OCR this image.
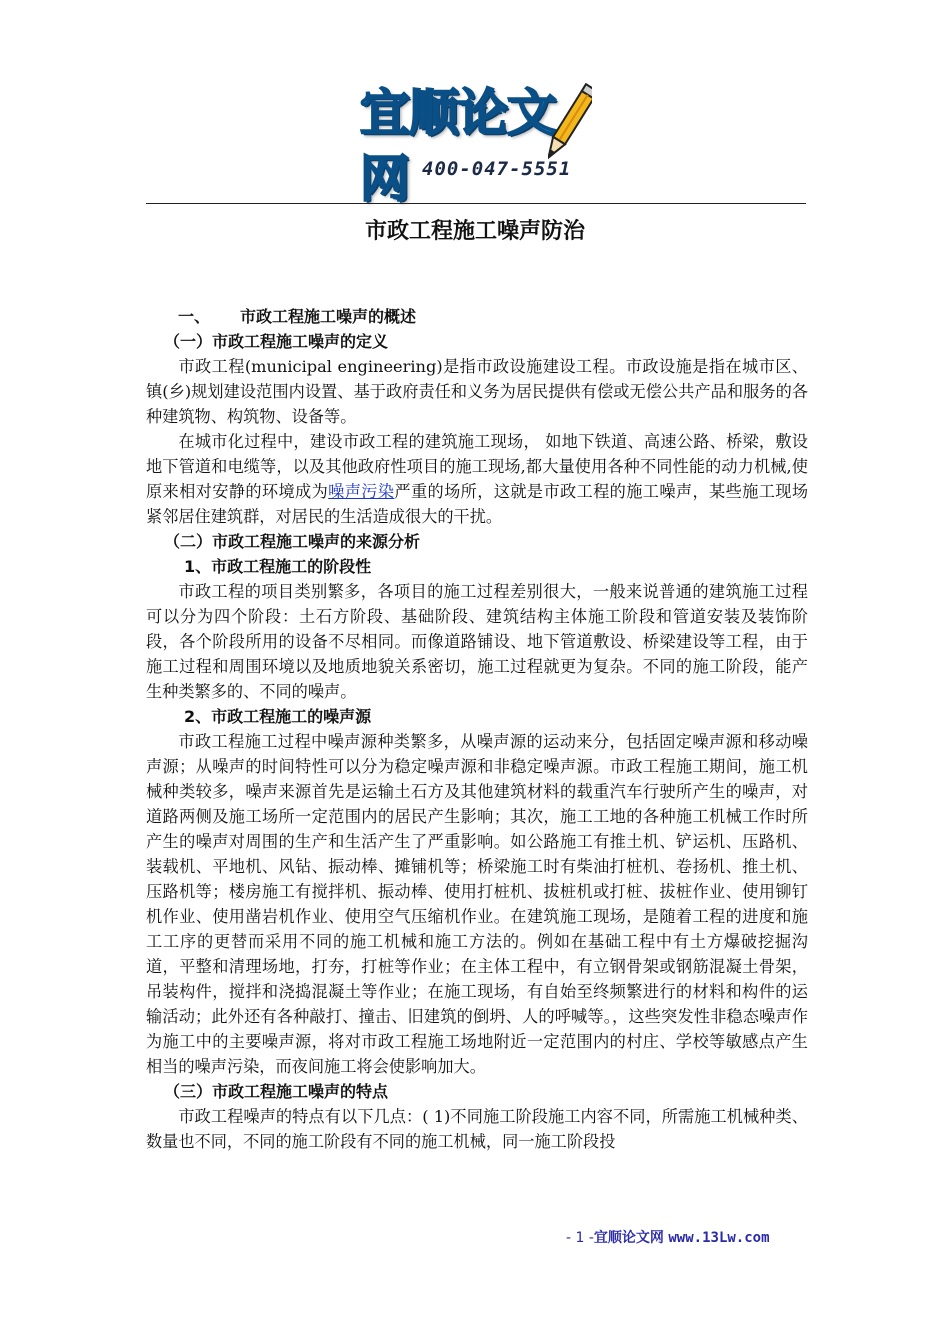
宜顺论文网 400-047-5551
市政工程施工噪声防治

一、 市政工程施工噪声的概述

（一）市政工程施工噪声的定义

市政工程(municipal engineering)是指市政设施建设工程。市政设施是指在城市区、镇(乡)规划建设范围内设置、基于政府责任和义务为居民提供有偿或无偿公共产品和服务的各种建筑物、构筑物、设备等。

在城市化过程中，建设市政工程的建筑施工现场， 如地下铁道、高速公路、桥梁，敷设地下管道和电缆等，以及其他政府性项目的施工现场,都大量使用各种不同性能的动力机械,使原来相对安静的环境成为噪声污染严重的场所，这就是市政工程的施工噪声，某些施工现场紧邻居住建筑群，对居民的生活造成很大的干扰。

（二）市政工程施工噪声的来源分析

1、市政工程施工的阶段性

市政工程的项目类别繁多，各项目的施工过程差别很大，一般来说普通的建筑施工过程可以分为四个阶段：土石方阶段、基础阶段、建筑结构主体施工阶段和管道安装及装饰阶段，各个阶段所用的设备不尽相同。而像道路铺设、地下管道敷设、桥梁建设等工程，由于施工过程和周围环境以及地质地貌关系密切，施工过程就更为复杂。不同的施工阶段，能产生种类繁多的、不同的噪声。

2、市政工程施工的噪声源

市政工程施工过程中噪声源种类繁多，从噪声源的运动来分，包括固定噪声源和移动噪声源；从噪声的时间特性可以分为稳定噪声源和非稳定噪声源。市政工程施工期间，施工机械种类较多，噪声来源首先是运输土石方及其他建筑材料的载重汽车行驶所产生的噪声，对道路两侧及施工场所一定范围内的居民产生影响；其次，施工工地的各种施工机械工作时所产生的噪声对周围的生产和生活产生了严重影响。如公路施工有推土机、铲运机、压路机、装载机、平地机、风钻、振动棒、摊铺机等；桥梁施工时有柴油打桩机、卷扬机、推土机、压路机等；楼房施工有搅拌机、振动棒、使用打桩机、拔桩机或打桩、拔桩作业、使用铆钉机作业、使用凿岩机作业、使用空气压缩机作业。在建筑施工现场，是随着工程的进度和施工工序的更替而采用不同的施工机械和施工方法的。例如在基础工程中有土方爆破挖掘沟道，平整和清理场地，打夯，打桩等作业；在主体工程中，有立钢骨架或钢筋混凝土骨架，吊装构件，搅拌和浇捣混凝土等作业；在施工现场，有自始至终频繁进行的材料和构件的运输活动；此外还有各种敲打、撞击、旧建筑的倒坍、人的呼喊等。，这些突发性非稳态噪声作为施工中的主要噪声源，将对市政工程施工场地附近一定范围内的村庄、学校等敏感点产生相当的噪声污染，而夜间施工将会使影响加大。

（三）市政工程施工噪声的特点

市政工程噪声的特点有以下几点：( 1)不同施工阶段施工内容不同，所需施工机械种类、数量也不同，不同的施工阶段有不同的施工机械，同一施工阶段投

- 1 -宜顺论文网 www.13Lw.com
